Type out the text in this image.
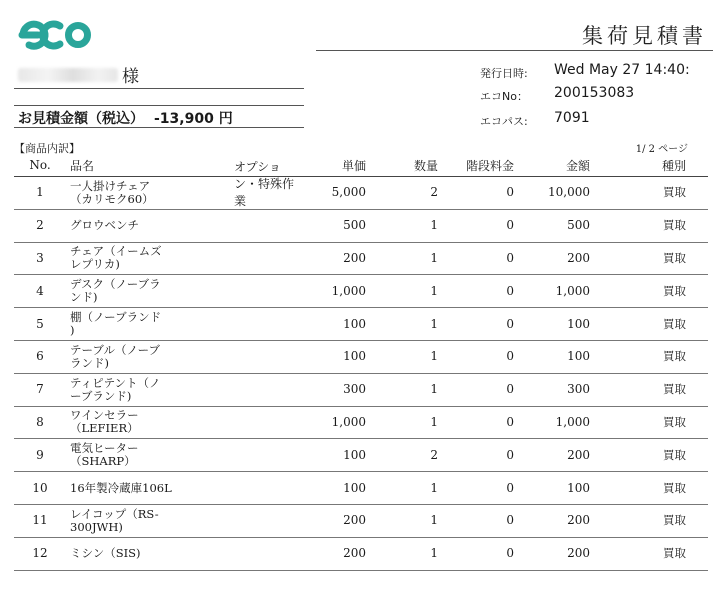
集荷見積書
様
お見積金額（税込） -13,900 円
発行日時: Wed May 27 14:40:
エコNo： 200153083
エコパス: 7091
【商品内訳】	1/ 2 ページ
No.	品名 オプション・特殊作業	単価	数量	階段料金	金額	種別
1	一人掛けチェア
（カリモク60）	5,000	2	0	10,000	買取
2	グロウベンチ	500	1	0	500	買取
3	チェア（イームズ
レプリカ)	200	1	0	200	買取
4	デスク（ノーブラ
ンド)	1,000	1	0	1,000	買取
5	棚（ノーブランド
)	100	1	0	100	買取
6	テーブル（ノーブ
ランド)	100	1	0	100	買取
7	ティピテント（ノ
ーブランド)	300	1	0	300	買取
8	ワインセラー
（LEFIER）	1,000	1	0	1,000	買取
9	電気ヒーター
（SHARP）	100	2	0	200	買取
10	16年製冷蔵庫106L	100	1	0	100	買取
11	レイコップ（RS-
300JWH)	200	1	0	200	買取
12	ミシン（SIS)	200	1	0	200	買取
